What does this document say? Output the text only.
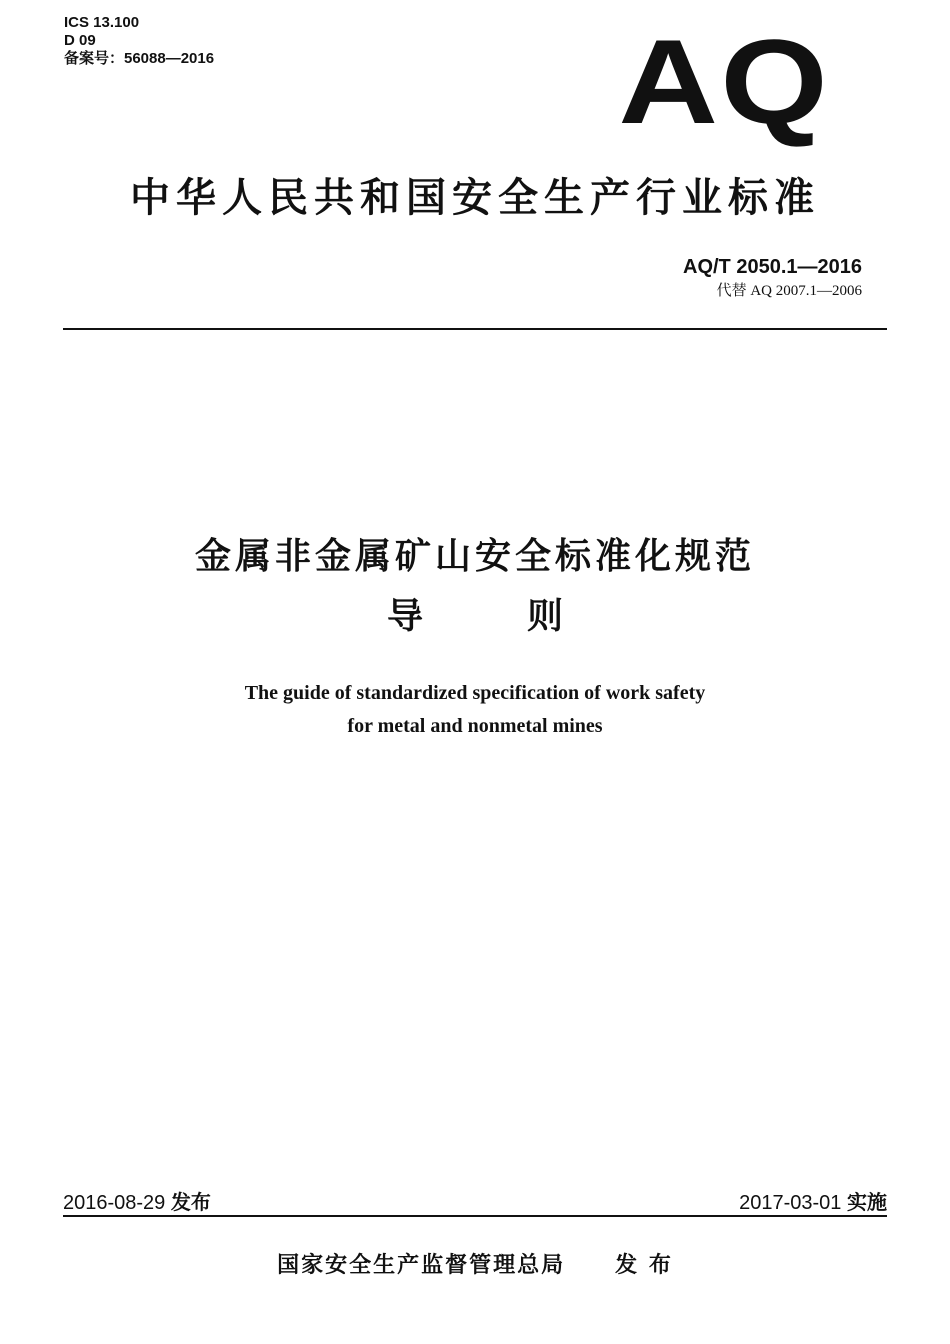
ICS 13.100
D 09
备案号：56088—2016	AQ
中华人民共和国安全生产行业标准
AQ/T 2050.1—2016
代替 AQ 2007.1—2006
金属非金属矿山安全标准化规范
导	则
The guide of standardized specification of work safety
for metal and nonmetal mines
2016-08-29 发布	2017-03-01 实施
国家安全生产监督管理总局 发 布
